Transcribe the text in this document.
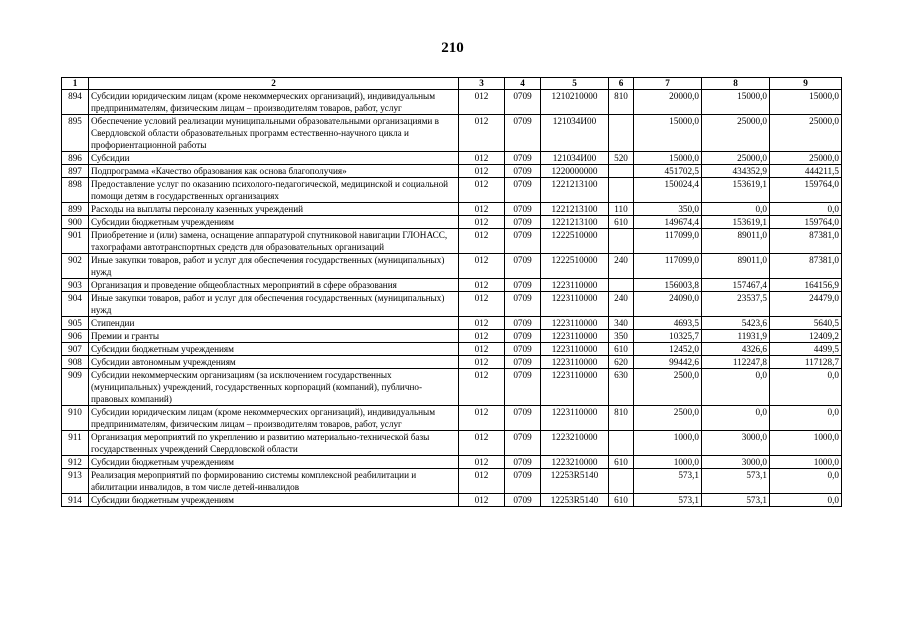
210
1	2	3	4	5	6	7	8	9
894	Субсидии юридическим лицам (кроме некоммерческих организаций), индивидуальным предпринимателям, физическим лицам – производителям товаров, работ, услуг	012	0709	1210210000	810	20000,0	15000,0	15000,0
895	Обеспечение условий реализации муниципальными образовательными организациями в Свердловской области образовательных программ естественно-научного цикла и профориентационной работы	012	0709	121034И00		15000,0	25000,0	25000,0
896	Субсидии	012	0709	121034И00	520	15000,0	25000,0	25000,0
897	Подпрограмма «Качество образования как основа благополучия»	012	0709	1220000000		451702,5	434352,9	444211,5
898	Предоставление услуг по оказанию психолого-педагогической, медицинской и социальной помощи детям в государственных организациях	012	0709	1221213100		150024,4	153619,1	159764,0
899	Расходы на выплаты персоналу казенных учреждений	012	0709	1221213100	110	350,0	0,0	0,0
900	Субсидии бюджетным учреждениям	012	0709	1221213100	610	149674,4	153619,1	159764,0
901	Приобретение и (или) замена, оснащение аппаратурой спутниковой навигации ГЛОНАСС, тахографами автотранспортных средств для образовательных организаций	012	0709	1222510000		117099,0	89011,0	87381,0
902	Иные закупки товаров, работ и услуг для обеспечения государственных (муниципальных) нужд	012	0709	1222510000	240	117099,0	89011,0	87381,0
903	Организация и проведение общеобластных мероприятий в сфере образования	012	0709	1223110000		156003,8	157467,4	164156,9
904	Иные закупки товаров, работ и услуг для обеспечения государственных (муниципальных) нужд	012	0709	1223110000	240	24090,0	23537,5	24479,0
905	Стипендии	012	0709	1223110000	340	4693,5	5423,6	5640,5
906	Премии и гранты	012	0709	1223110000	350	10325,7	11931,9	12409,2
907	Субсидии бюджетным учреждениям	012	0709	1223110000	610	12452,0	4326,6	4499,5
908	Субсидии автономным учреждениям	012	0709	1223110000	620	99442,6	112247,8	117128,7
909	Субсидии некоммерческим организациям (за исключением государственных (муниципальных) учреждений, государственных корпораций (компаний), публично-правовых компаний)	012	0709	1223110000	630	2500,0	0,0	0,0
910	Субсидии юридическим лицам (кроме некоммерческих организаций), индивидуальным предпринимателям, физическим лицам – производителям товаров, работ, услуг	012	0709	1223110000	810	2500,0	0,0	0,0
911	Организация мероприятий по укреплению и развитию материально-технической базы государственных учреждений Свердловской области	012	0709	1223210000		1000,0	3000,0	1000,0
912	Субсидии бюджетным учреждениям	012	0709	1223210000	610	1000,0	3000,0	1000,0
913	Реализация мероприятий по формированию системы комплексной реабилитации и абилитации инвалидов, в том числе детей-инвалидов	012	0709	12253R5140		573,1	573,1	0,0
914	Субсидии бюджетным учреждениям	012	0709	12253R5140	610	573,1	573,1	0,0
